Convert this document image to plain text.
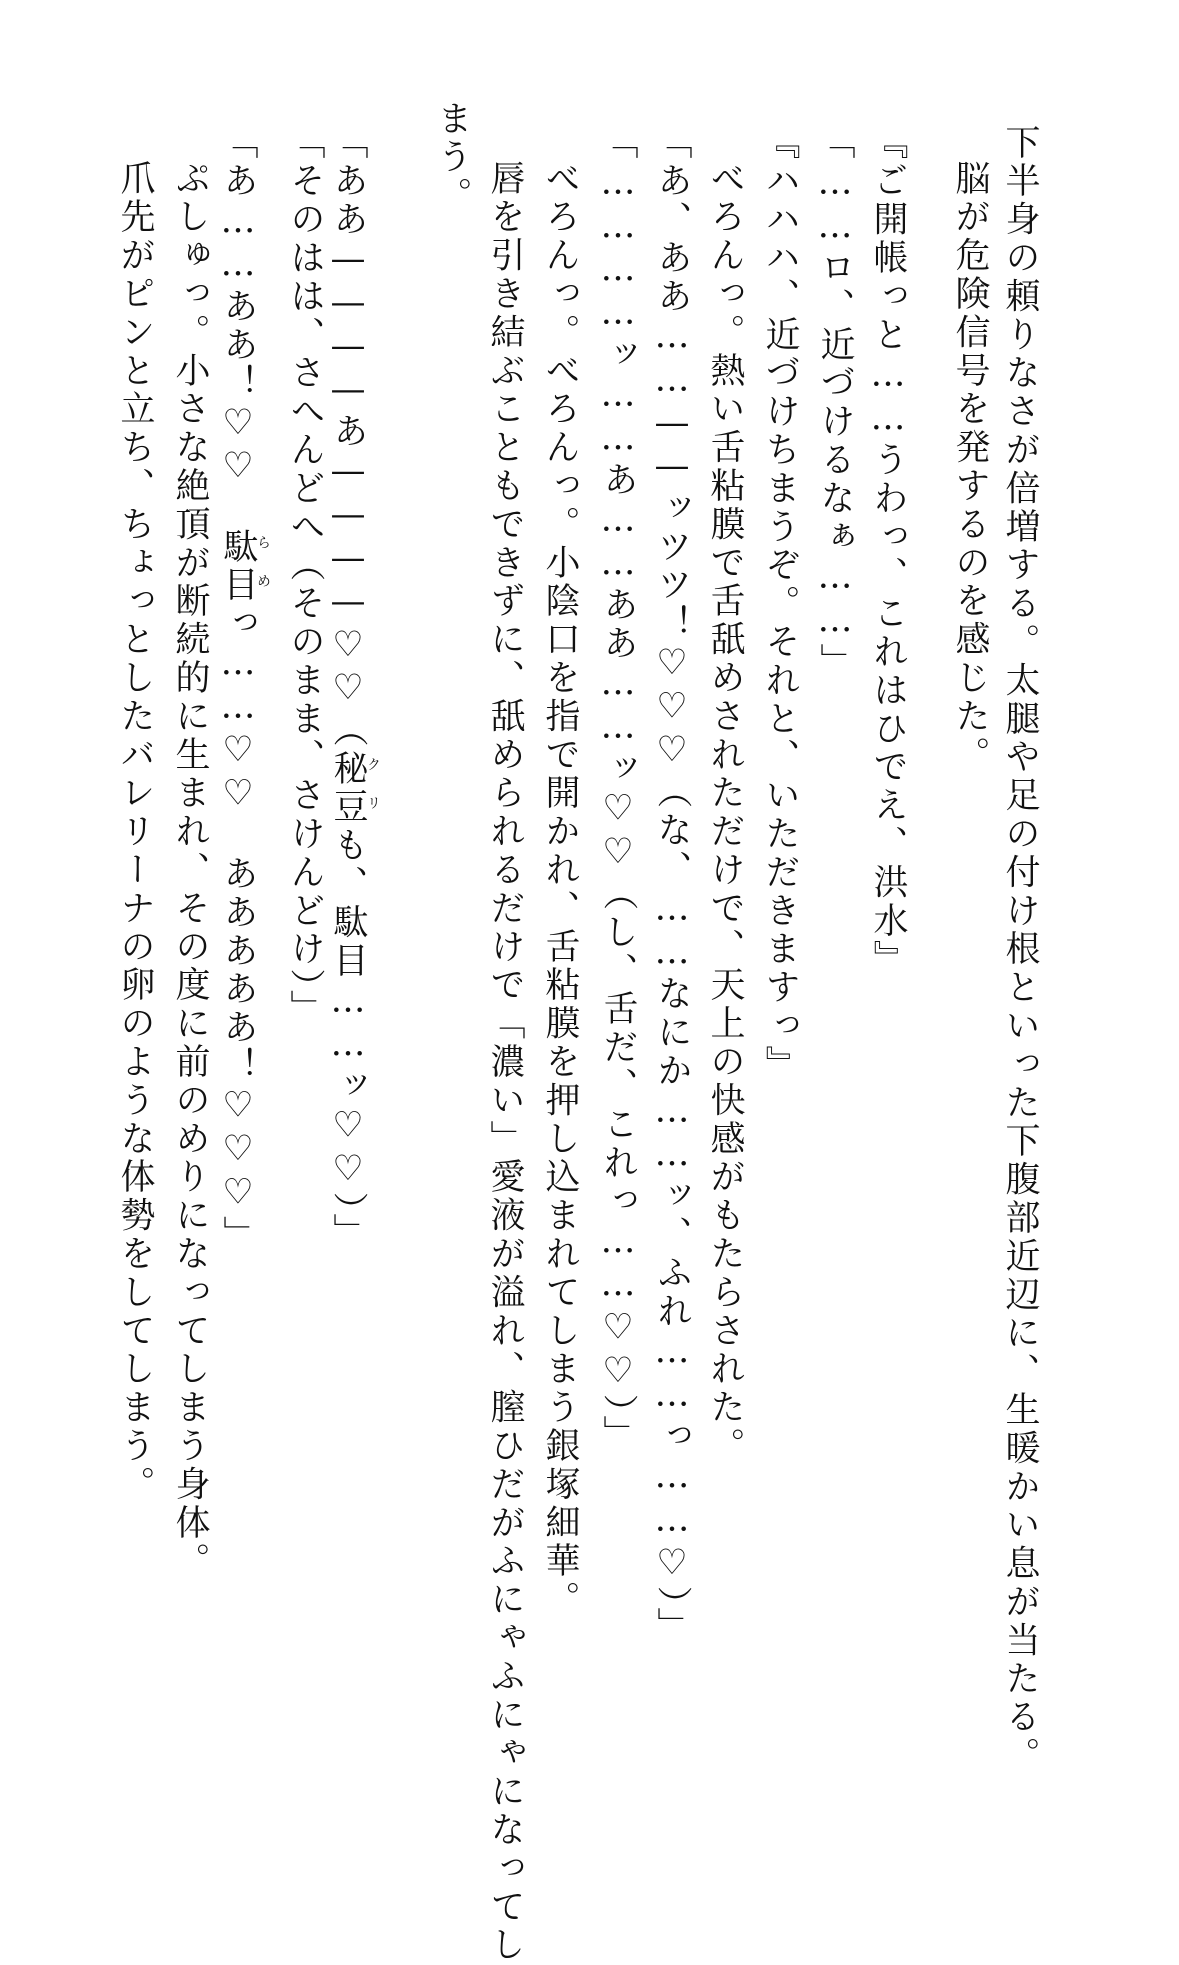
下半身の頼りなさが倍増する。太腿や足の付け根といった下腹部近辺に、生暖かい息が当たる。
脳が危険信号を発するのを感じた。
『ご開帳っと……うわっ、これはひでえ、洪水』
「……ロ、近づけるなぁ……」
『ハハハ、近づけちまうぞ。それと、いただきますっ』
べろんっ。熱い舌粘膜で舌舐めされただけで、天上の快感がもたらされた。
「あ、ああ……——ッツツ！♡♡♡（な、……なにか……ッ、ふれ……っ……♡）」
「…………ッ……あ……ああ……ッ♡♡（し、舌だ、これっ……♡♡）」
べろんっ。べろんっ。小陰口を指で開かれ、舌粘膜を押し込まれてしまう銀塚細華。
唇を引き結ぶこともできずに、舐められるだけで「濃い」愛液が溢れ、膣ひだがふにゃふにゃになってし
まう。
「ああ————あ————♡♡（秘豆クリも、駄目……ッ♡♡）」
「そのはは、さへんどへ（そのまま、さけんどけ）」
「あ……ああ！♡♡　駄目らめっ……♡♡　あああああ！♡♡♡」
ぷしゅっ。小さな絶頂が断続的に生まれ、その度に前のめりになってしまう身体。
爪先がピンと立ち、ちょっとしたバレリーナの卵のような体勢をしてしまう。
